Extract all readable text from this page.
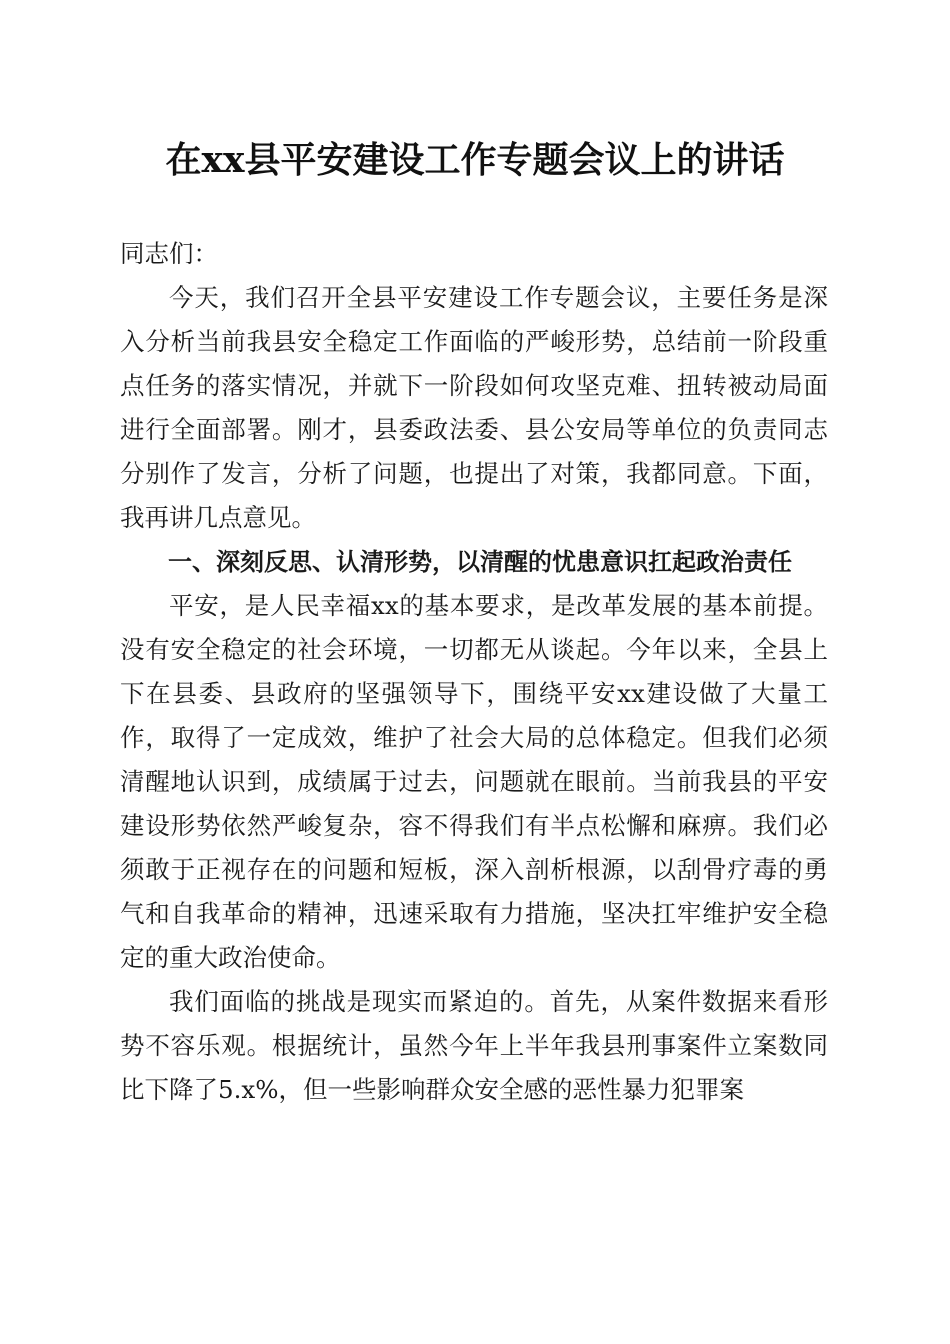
在xx县平安建设工作专题会议上的讲话

同志们：

今天，我们召开全县平安建设工作专题会议，主要任务是深入分析当前我县安全稳定工作面临的严峻形势，总结前一阶段重点任务的落实情况，并就下一阶段如何攻坚克难、扭转被动局面进行全面部署。刚才，县委政法委、县公安局等单位的负责同志分别作了发言，分析了问题，也提出了对策，我都同意。下面，我再讲几点意见。

一、深刻反思、认清形势，以清醒的忧患意识扛起政治责任

平安，是人民幸福xx的基本要求，是改革发展的基本前提。没有安全稳定的社会环境，一切都无从谈起。今年以来，全县上下在县委、县政府的坚强领导下，围绕平安xx建设做了大量工作，取得了一定成效，维护了社会大局的总体稳定。但我们必须清醒地认识到，成绩属于过去，问题就在眼前。当前我县的平安建设形势依然严峻复杂，容不得我们有半点松懈和麻痹。我们必须敢于正视存在的问题和短板，深入剖析根源，以刮骨疗毒的勇气和自我革命的精神，迅速采取有力措施，坚决扛牢维护安全稳定的重大政治使命。

我们面临的挑战是现实而紧迫的。首先，从案件数据来看形势不容乐观。根据统计，虽然今年上半年我县刑事案件立案数同比下降了5.x%，但一些影响群众安全感的恶性暴力犯罪案
